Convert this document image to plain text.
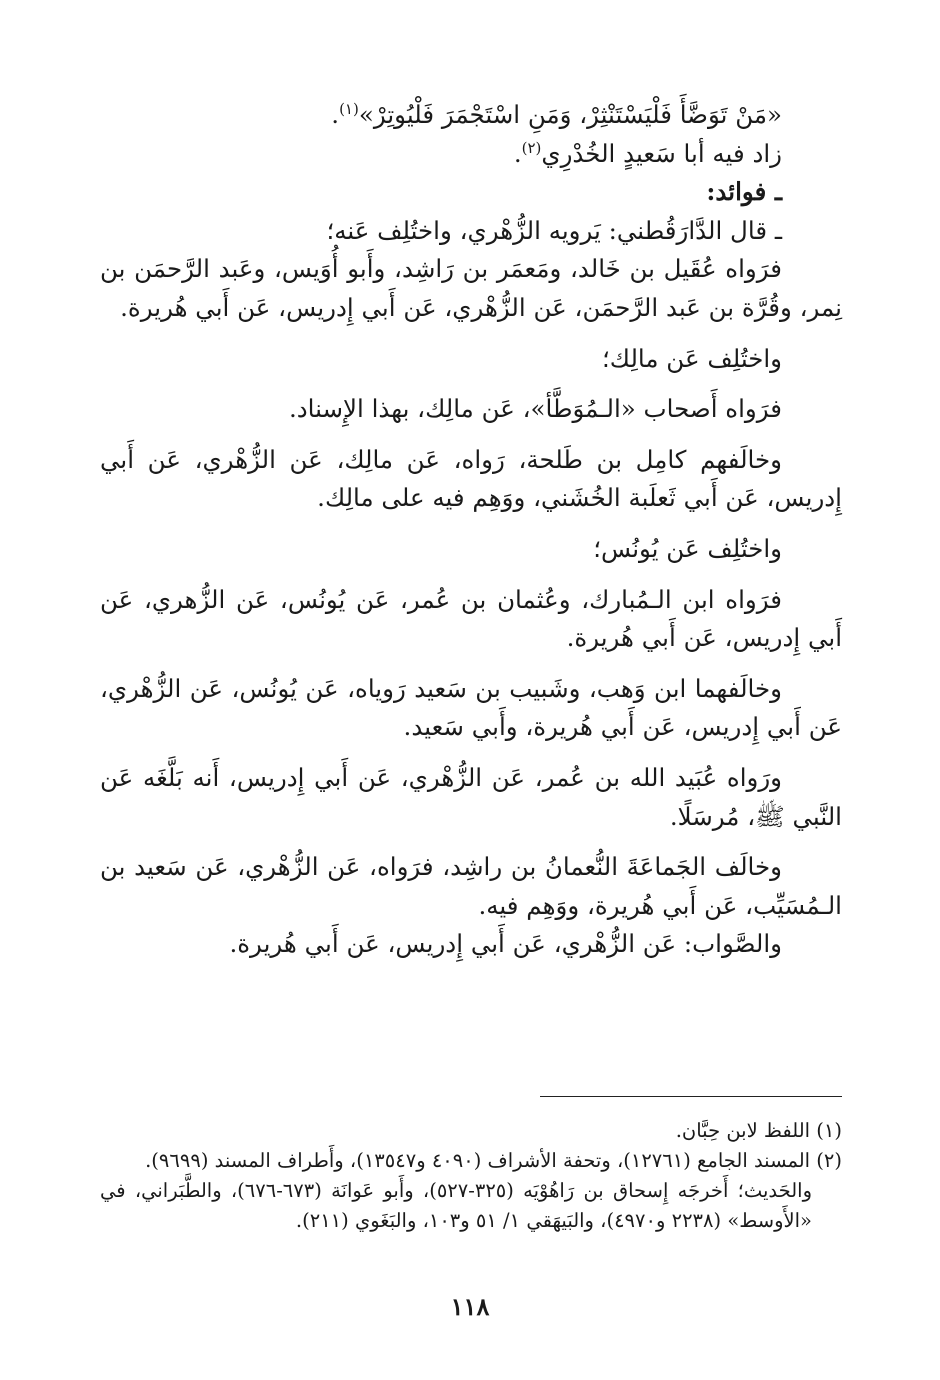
«مَنْ تَوَضَّأَ فَلْيَسْتَنْثِرْ، وَمَنِ اسْتَجْمَرَ فَلْيُوتِرْ»$^{(١)}$.

زاد فيه أبا سَعيدٍ الخُدْرِي$^{(٢)}$.

ـ فوائد:

ـ قال الدَّارَقُطني: يَرويه الزُّهْري، واختُلِف عَنه؛

فرَواه عُقَيل بن خَالد، ومَعمَر بن رَاشِد، وأَبو أُوَيس، وعَبد الرَّحمَن بن نِمر، وقُرَّة بن عَبد الرَّحمَن، عَن الزُّهْري، عَن أَبي إِدريس، عَن أَبي هُريرة.

واختُلِف عَن مالِك؛

فرَواه أَصحاب «الـمُوَطَّأ»، عَن مالِك، بهذا الإِسناد.

وخالَفهم كامِل بن طَلحة، رَواه، عَن مالِك، عَن الزُّهْري، عَن أَبي إِدريس، عَن أَبي ثَعلَبة الخُشَني، ووَهِم فيه على مالِك.

واختُلِف عَن يُونُس؛

فرَواه ابن الـمُبارك، وعُثمان بن عُمر، عَن يُونُس، عَن الزُّهري، عَن أَبي إِدريس، عَن أَبي هُريرة.

وخالَفهما ابن وَهب، وشَبيب بن سَعيد رَوياه، عَن يُونُس، عَن الزُّهْري، عَن أَبي إِدريس، عَن أَبي هُريرة، وأَبي سَعيد.

ورَواه عُبَيد الله بن عُمر، عَن الزُّهْري، عَن أَبي إِدريس، أَنه بَلَّغَه عَن النَّبي ﷺ، مُرسَلًا.

وخالَف الجَماعَةَ النُّعمانُ بن راشِد، فرَواه، عَن الزُّهْري، عَن سَعيد بن الـمُسَيِّب، عَن أَبي هُريرة، ووَهِم فيه.

والصَّواب: عَن الزُّهْري، عَن أَبي إِدريس، عَن أَبي هُريرة.

(١) اللفظ لابن حِبَّان.

(٢) المسند الجامع (١٢٧٦١)، وتحفة الأشراف (٤٠٩٠ و١٣٥٤٧)، وأَطراف المسند (٩٦٩٩).

والحَديث؛ أَخرجَه إِسحاق بن رَاهُوْيَه (٣٢٥-٥٢٧)، وأَبو عَوانَة (٦٧٣-٦٧٦)، والطَّبَراني، في «الأَوسط» (٢٢٣٨ و٤٩٧٠)، والبَيهَقي ١/ ٥١ و١٠٣، والبَغَوي (٢١١).

١١٨
